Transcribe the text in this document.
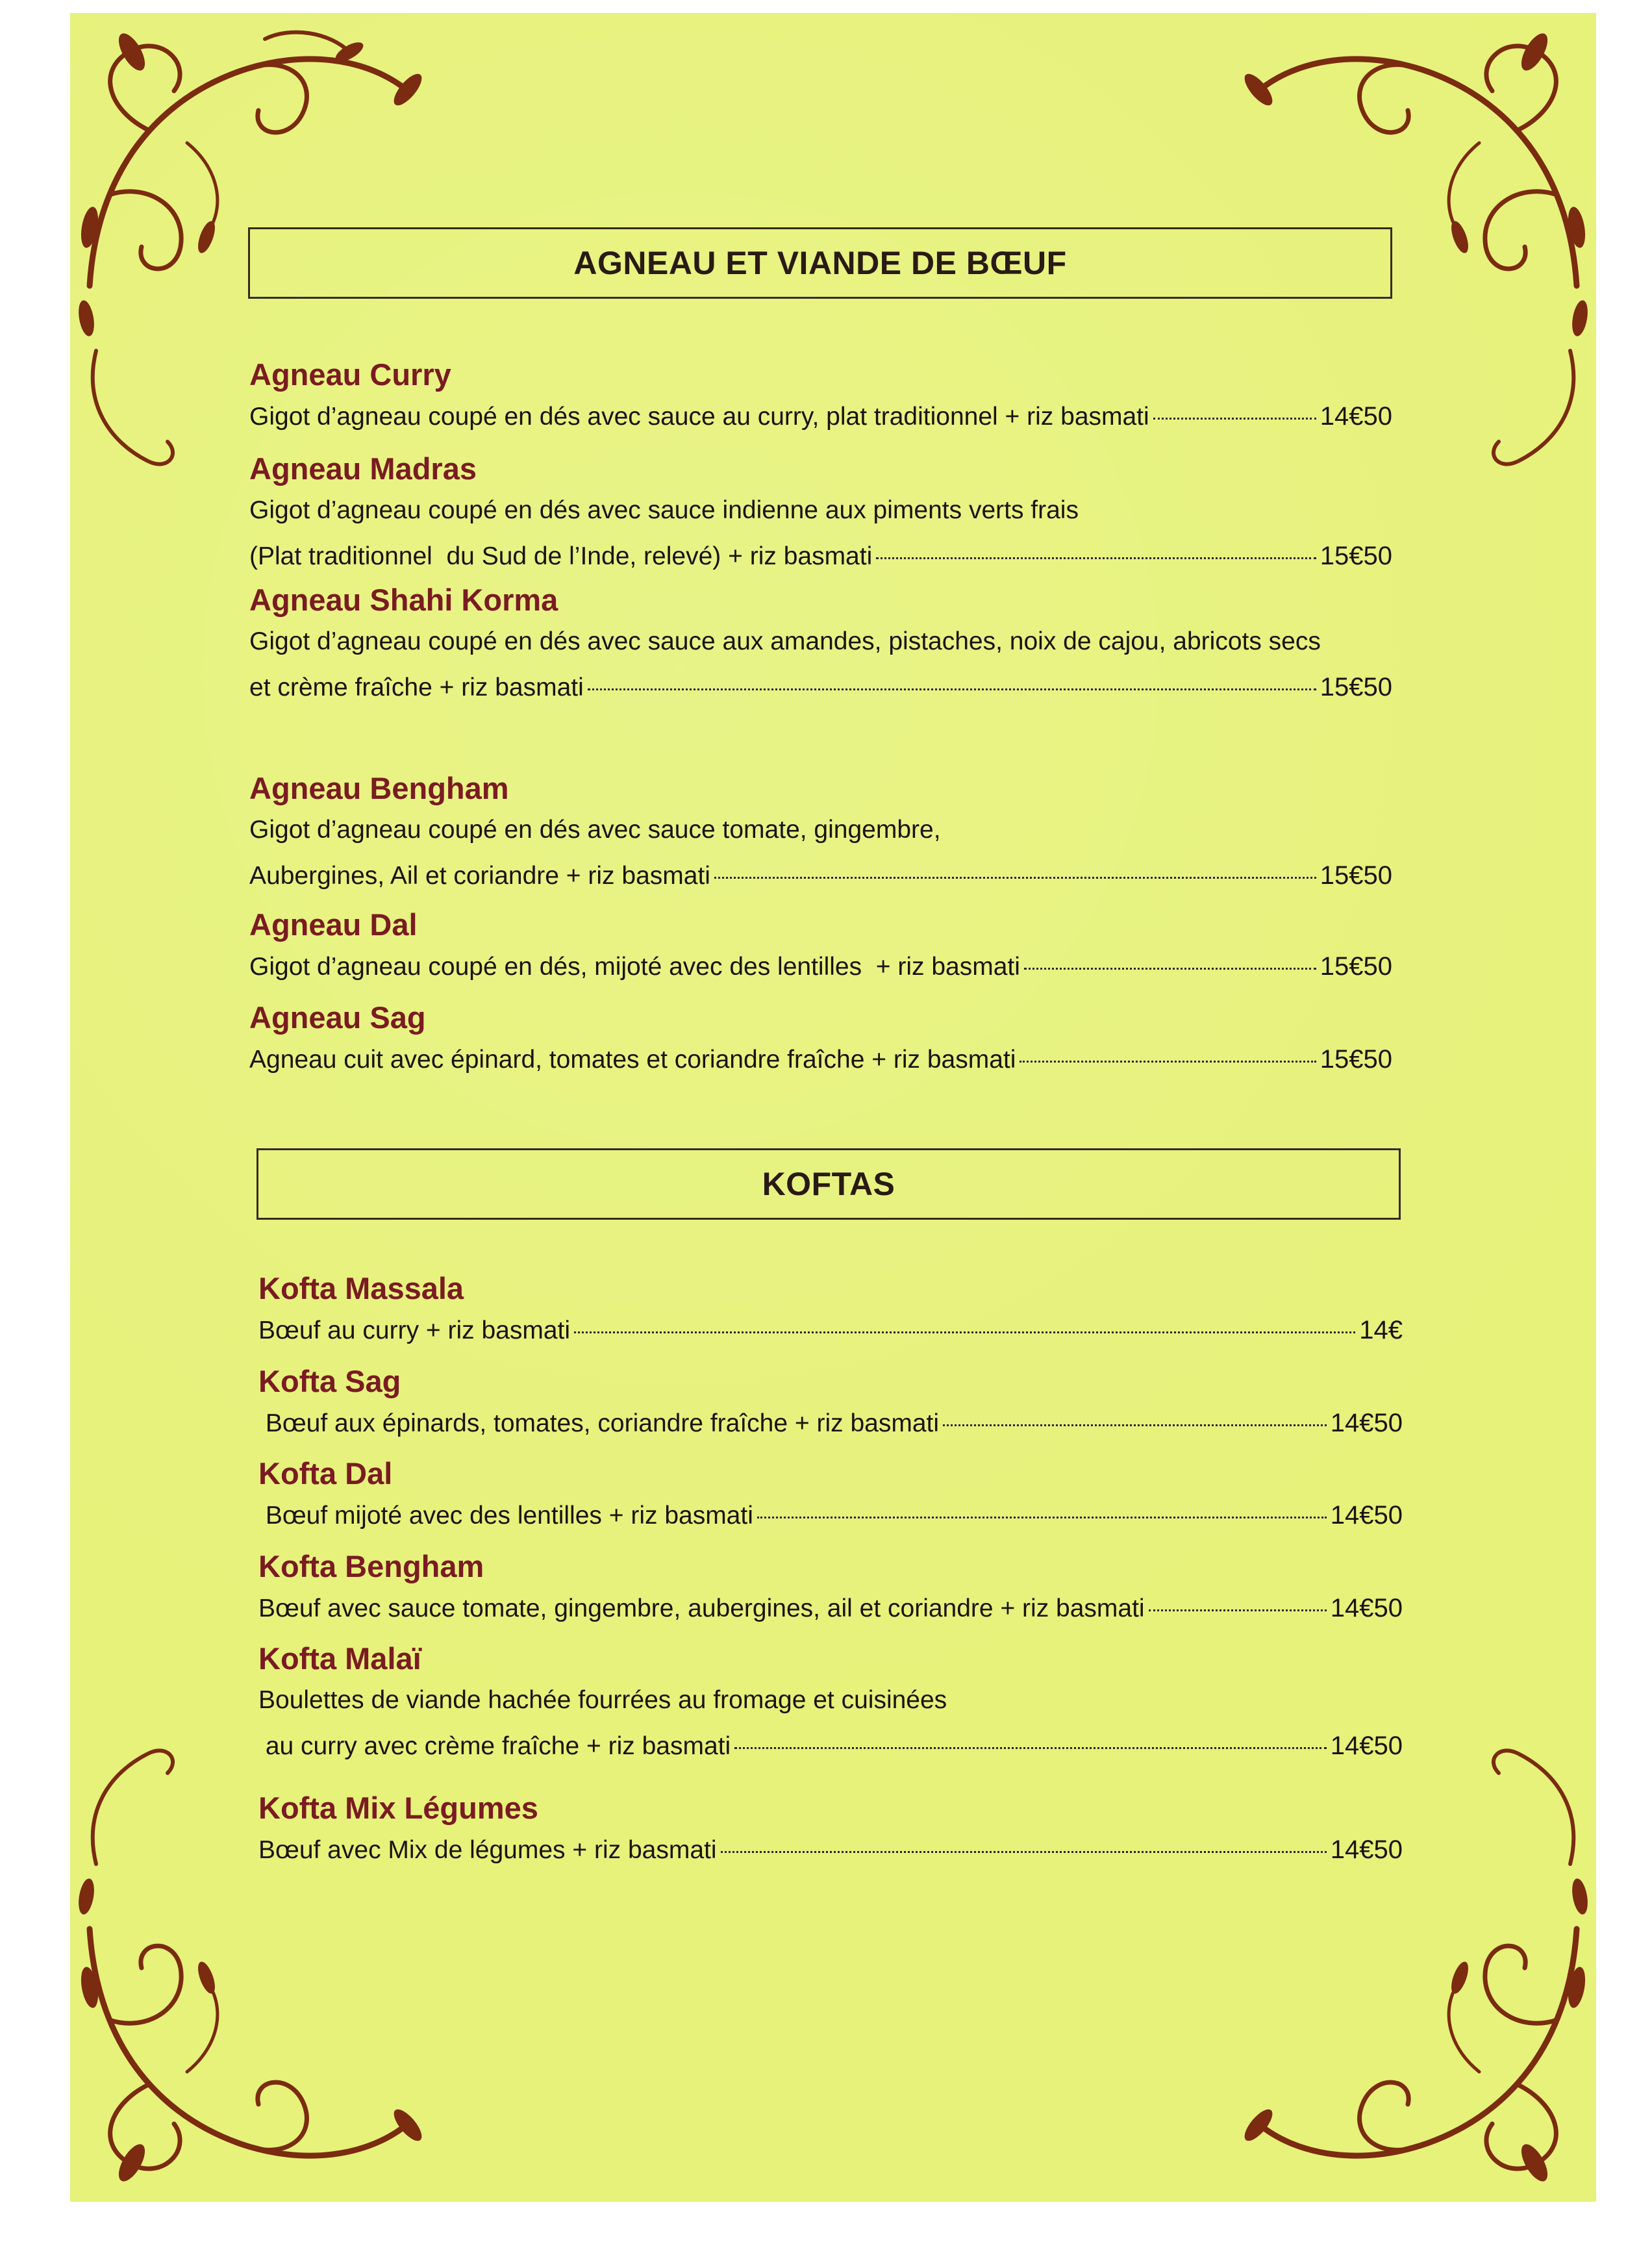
AGNEAU ET VIANDE DE BŒUF
Agneau Curry
Gigot d’agneau coupé en dés avec sauce au curry, plat traditionnel + riz basmati	14€50
Agneau Madras
Gigot d’agneau coupé en dés avec sauce indienne aux piments verts frais
(Plat traditionnel  du Sud de l’Inde, relevé) + riz basmati	15€50
Agneau Shahi Korma
Gigot d’agneau coupé en dés avec sauce aux amandes, pistaches, noix de cajou, abricots secs
et crème fraîche + riz basmati	15€50
Agneau Bengham
Gigot d’agneau coupé en dés avec sauce tomate, gingembre,
Aubergines, Ail et coriandre + riz basmati	15€50
Agneau Dal
Gigot d’agneau coupé en dés, mijoté avec des lentilles  + riz basmati	15€50
Agneau Sag
Agneau cuit avec épinard, tomates et coriandre fraîche + riz basmati	15€50
KOFTAS
Kofta Massala
Bœuf au curry + riz basmati	14€
Kofta Sag
Bœuf aux épinards, tomates, coriandre fraîche + riz basmati	14€50
Kofta Dal
Bœuf mijoté avec des lentilles + riz basmati	14€50
Kofta Bengham
Bœuf avec sauce tomate, gingembre, aubergines, ail et coriandre + riz basmati	14€50
Kofta Malaï
Boulettes de viande hachée fourrées au fromage et cuisinées
au curry avec crème fraîche + riz basmati	14€50
Kofta Mix Légumes
Bœuf avec Mix de légumes + riz basmati	14€50
